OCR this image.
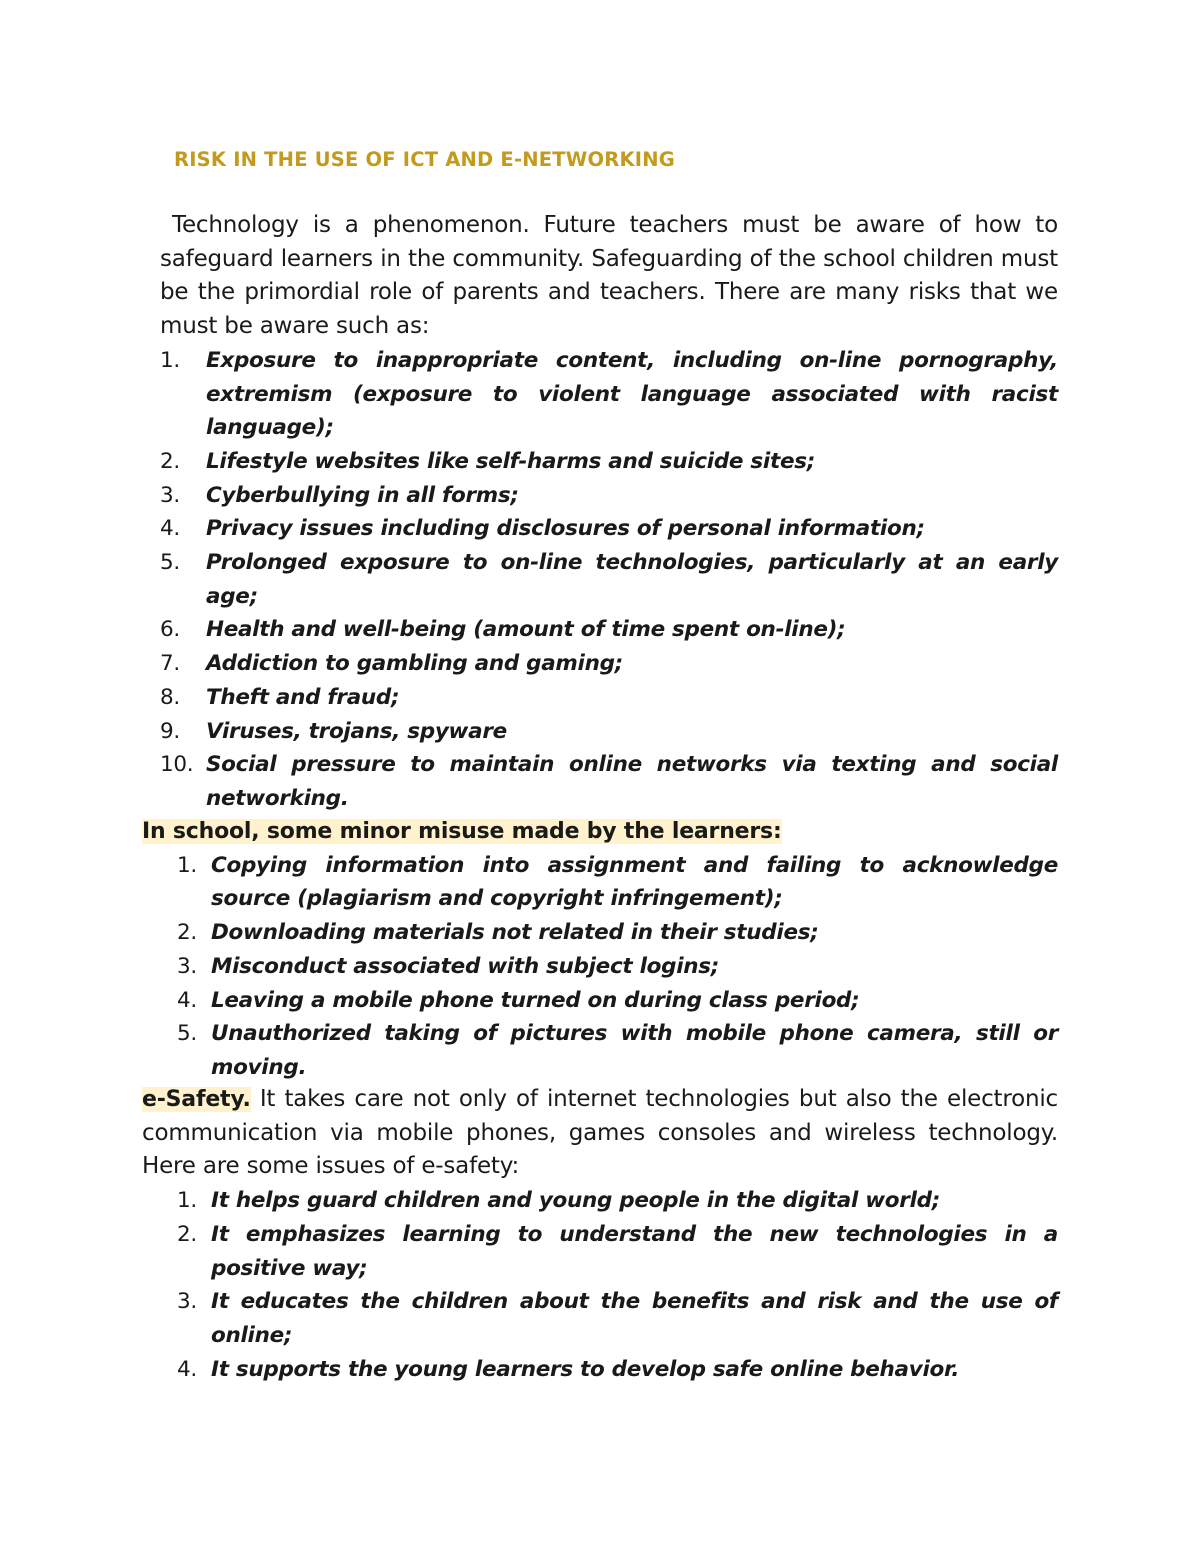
RISK IN THE USE OF ICT AND E-NETWORKING

Technology is a phenomenon. Future teachers must be aware of how to safeguard learners in the community. Safeguarding of the school children must be the primordial role of parents and teachers. There are many risks that we must be aware such as:

1. Exposure to inappropriate content, including on-line pornography, extremism (exposure to violent language associated with racist language);
2. Lifestyle websites like self-harms and suicide sites;
3. Cyberbullying in all forms;
4. Privacy issues including disclosures of personal information;
5. Prolonged exposure to on-line technologies, particularly at an early age;
6. Health and well-being (amount of time spent on-line);
7. Addiction to gambling and gaming;
8. Theft and fraud;
9. Viruses, trojans, spyware
10. Social pressure to maintain online networks via texting and social networking.

In school, some minor misuse made by the learners:

1. Copying information into assignment and failing to acknowledge source (plagiarism and copyright infringement);
2. Downloading materials not related in their studies;
3. Misconduct associated with subject logins;
4. Leaving a mobile phone turned on during class period;
5. Unauthorized taking of pictures with mobile phone camera, still or moving.

e-Safety. It takes care not only of internet technologies but also the electronic communication via mobile phones, games consoles and wireless technology. Here are some issues of e-safety:

1. It helps guard children and young people in the digital world;
2. It emphasizes learning to understand the new technologies in a positive way;
3. It educates the children about the benefits and risk and the use of online;
4. It supports the young learners to develop safe online behavior.
